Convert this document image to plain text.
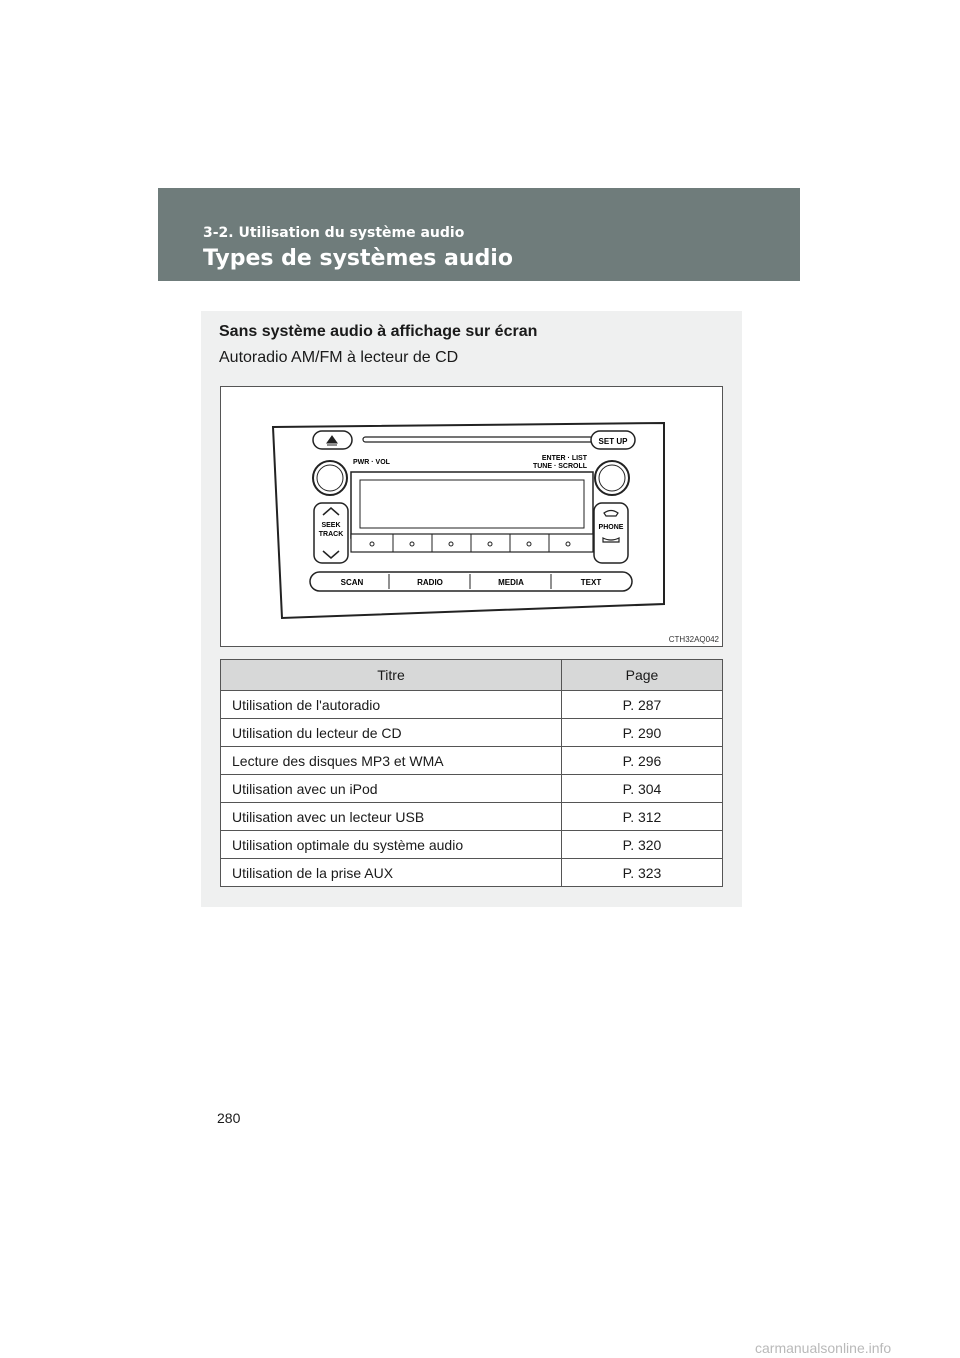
3-2. Utilisation du système audio
Types de systèmes audio
Sans système audio à affichage sur écran
Autoradio AM/FM à lecteur de CD
SET UP
PWR · VOL
ENTER · LIST
TUNE · SCROLL
SEEK
TRACK
PHONE
SCAN	RADIO	MEDIA	TEXT
CTH32AQ042
Titre	Page
Utilisation de l'autoradio	P. 287
Utilisation du lecteur de CD	P. 290
Lecture des disques MP3 et WMA	P. 296
Utilisation avec un iPod	P. 304
Utilisation avec un lecteur USB	P. 312
Utilisation optimale du système audio	P. 320
Utilisation de la prise AUX	P. 323
280
carmanualsonline.info
